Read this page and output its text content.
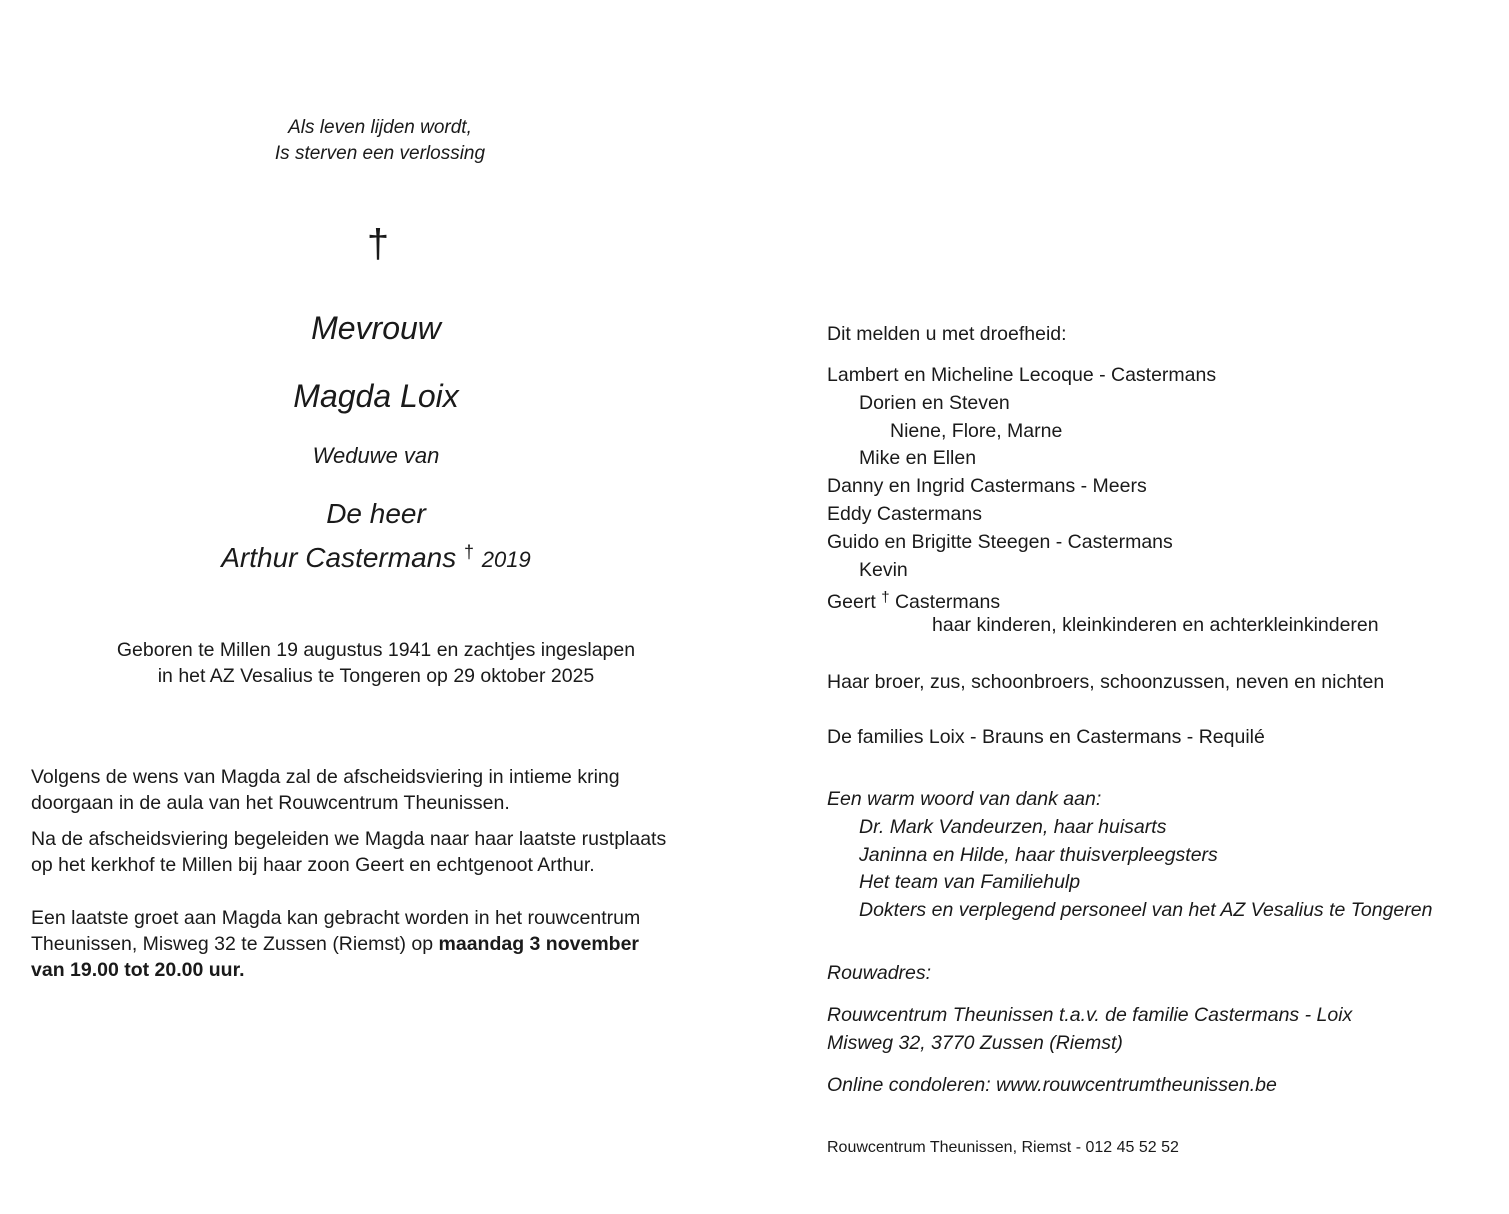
Als leven lijden wordt,
Is sterven een verlossing
†
Mevrouw
Magda Loix
Weduwe van
De heer
Arthur Castermans † 2019
Geboren te Millen 19 augustus 1941 en zachtjes ingeslapen
in het AZ Vesalius te Tongeren op 29 oktober 2025
Volgens de wens van Magda zal de afscheidsviering in intieme kring
doorgaan in de aula van het Rouwcentrum Theunissen.
Na de afscheidsviering begeleiden we Magda naar haar laatste rustplaats
op het kerkhof te Millen bij haar zoon Geert en echtgenoot Arthur.
Een laatste groet aan Magda kan gebracht worden in het rouwcentrum
Theunissen, Misweg 32 te Zussen (Riemst) op maandag 3 november
van 19.00 tot 20.00 uur.
Dit melden u met droefheid:
Lambert en Micheline Lecoque - Castermans
Dorien en Steven
Niene, Flore, Marne
Mike en Ellen
Danny en Ingrid Castermans - Meers
Eddy Castermans
Guido en Brigitte Steegen - Castermans
Kevin
Geert † Castermans
haar kinderen, kleinkinderen en achterkleinkinderen
Haar broer, zus, schoonbroers, schoonzussen, neven en nichten
De families Loix - Brauns en Castermans - Requilé
Een warm woord van dank aan:
Dr. Mark Vandeurzen, haar huisarts
Janinna en Hilde, haar thuisverpleegsters
Het team van Familiehulp
Dokters en verplegend personeel van het AZ Vesalius te Tongeren
Rouwadres:
Rouwcentrum Theunissen t.a.v. de familie Castermans - Loix
Misweg 32, 3770 Zussen (Riemst)
Online condoleren: www.rouwcentrumtheunissen.be
Rouwcentrum Theunissen, Riemst - 012 45 52 52
